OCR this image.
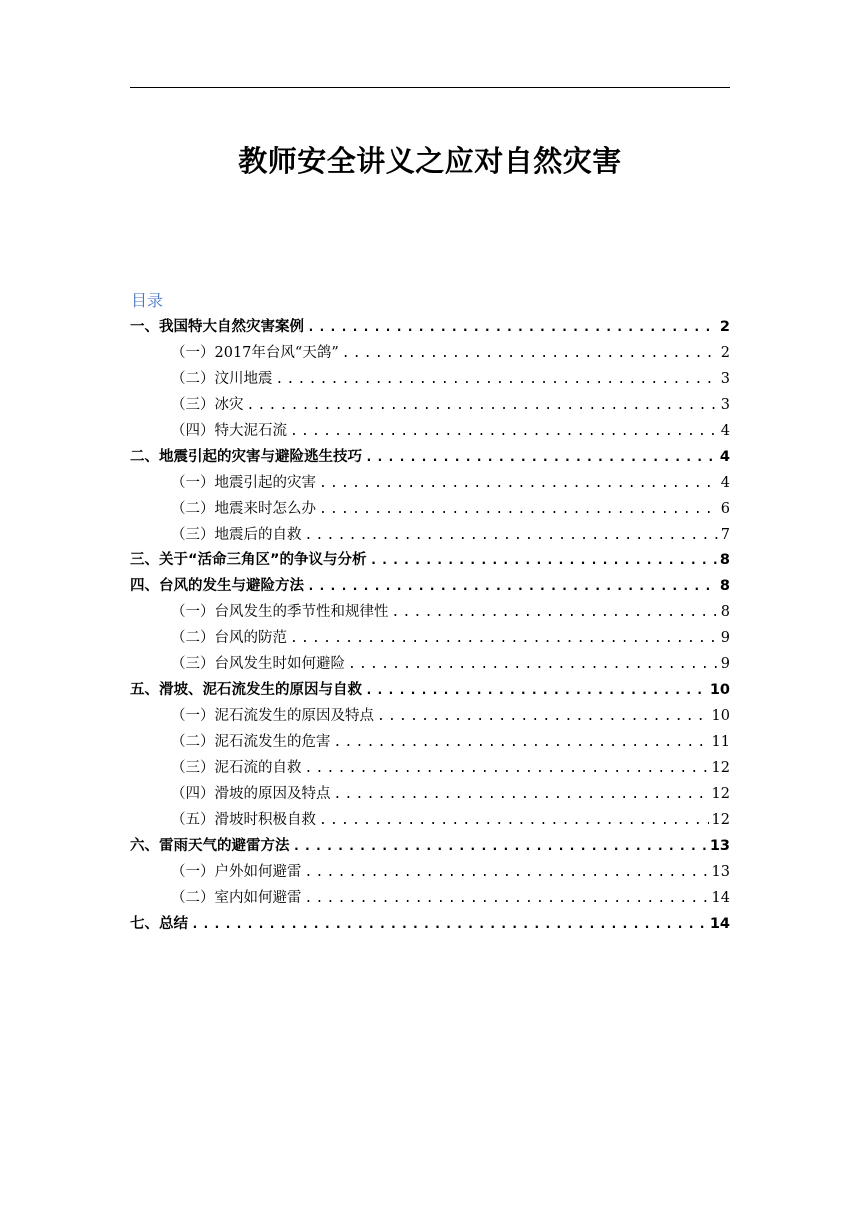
教师安全讲义之应对自然灾害
目录
一、我国特大自然灾害案例 .....	2
（一）2017年台风“天鸽” .....	2
（二）汶川地震 .....	3
（三）冰灾 .....	3
（四）特大泥石流 .....	4
二、地震引起的灾害与避险逃生技巧 .....	4
（一）地震引起的灾害 .....	4
（二）地震来时怎么办 .....	6
（三）地震后的自救 .....	7
三、关于“活命三角区”的争议与分析 .....	8
四、台风的发生与避险方法 .....	8
（一）台风发生的季节性和规律性 .....	8
（二）台风的防范 .....	9
（三）台风发生时如何避险 .....	9
五、滑坡、泥石流发生的原因与自救 .....	10
（一）泥石流发生的原因及特点 .....	10
（二）泥石流发生的危害 .....	11
（三）泥石流的自救 .....	12
（四）滑坡的原因及特点 .....	12
（五）滑坡时积极自救 .....	12
六、雷雨天气的避雷方法 .....	13
（一）户外如何避雷 .....	13
（二）室内如何避雷 .....	14
七、总结 .....	14
